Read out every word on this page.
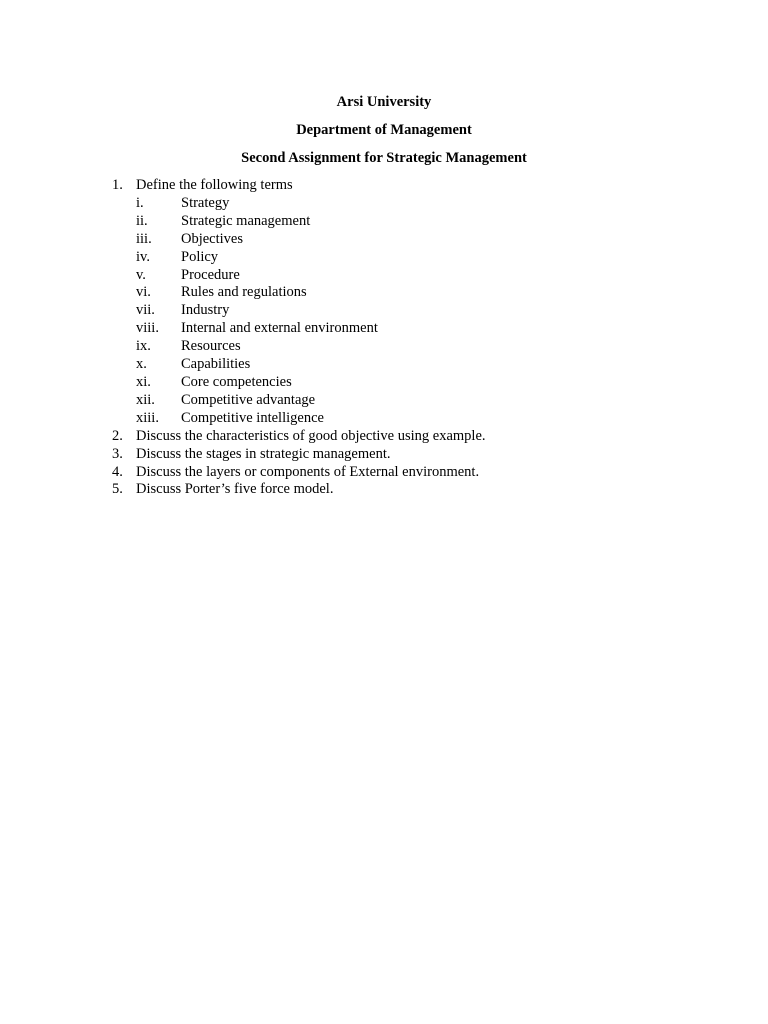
Arsi University

Department of Management

Second Assignment for Strategic Management

1. Define the following terms
i.	Strategy
ii. Strategic management
iii. Objectives
iv. Policy
v. Procedure
vi. Rules and regulations
vii. Industry
viii. Internal and external environment
ix. Resources
x. Capabilities
xi. Core competencies
xii. Competitive advantage
xiii. Competitive intelligence
2. Discuss the characteristics of good objective using example.
3. Discuss the stages in strategic management.
4. Discuss the layers or components of External environment.
5. Discuss Porter’s five force model.
